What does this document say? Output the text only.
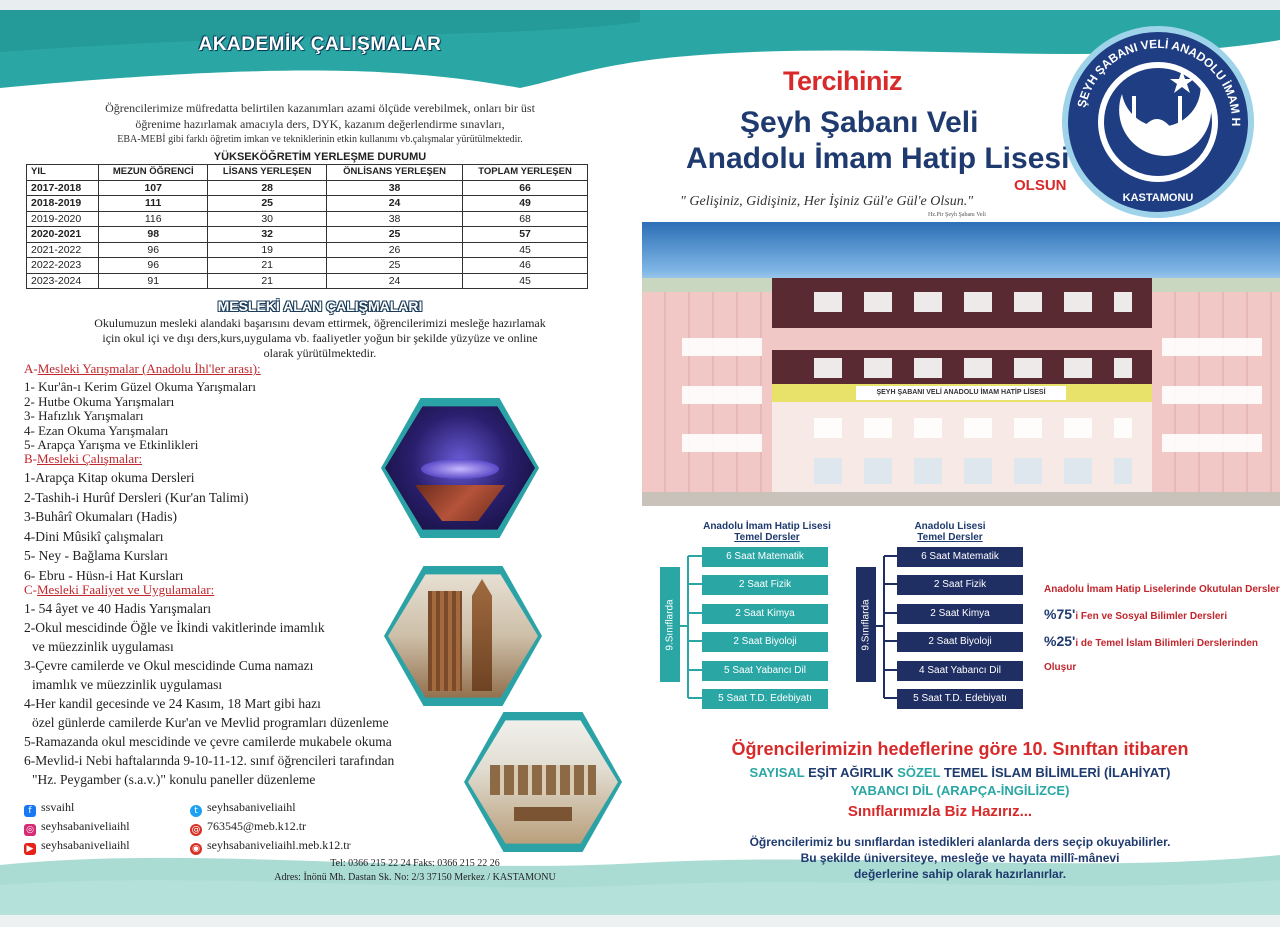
AKADEMİK ÇALIŞMALAR
Öğrencilerimize müfredatta belirtilen kazanımları azami ölçüde verebilmek, onları bir üst
öğrenime hazırlamak amacıyla ders, DYK, kazanım değerlendirme sınavları,
EBA-MEBİ gibi farklı öğretim imkan ve tekniklerinin etkin kullanımı vb.çalışmalar yürütülmektedir.
YÜKSEKÖĞRETİM YERLEŞME DURUMU
YIL	MEZUN ÖĞRENCİ	LİSANS YERLEŞEN	ÖNLİSANS YERLEŞEN	TOPLAM YERLEŞEN
2017-2018	107	28	38	66
2018-2019	111	25	24	49
2019-2020	116	30	38	68
2020-2021	98	32	25	57
2021-2022	96	19	26	45
2022-2023	96	21	25	46
2023-2024	91	21	24	45
MESLEKİ ALAN ÇALIŞMALARI
Okulumuzun mesleki alandaki başarısını devam ettirmek, öğrencilerimizi mesleğe hazırlamak
için okul içi ve dışı ders,kurs,uygulama vb. faaliyetler yoğun bir şekilde yüzyüze ve online
olarak yürütülmektedir.
A-Mesleki Yarışmalar (Anadolu İhl'ler arası):
1- Kur'ân-ı Kerim Güzel Okuma Yarışmaları
2- Hutbe Okuma Yarışmaları
3- Hafızlık Yarışmaları
4- Ezan Okuma Yarışmaları
5- Arapça Yarışma ve Etkinlikleri
B-Mesleki Çalışmalar:
1-Arapça Kitap okuma Dersleri
2-Tashih-i Hurûf Dersleri (Kur'an Talimi)
3-Buhârî Okumaları (Hadis)
4-Dini Mûsikî çalışmaları
5- Ney - Bağlama Kursları
6- Ebru - Hüsn-i Hat Kursları
C-Mesleki Faaliyet ve Uygulamalar:
1- 54 âyet ve 40 Hadis Yarışmaları
2-Okul mescidinde Öğle ve İkindi vakitlerinde imamlık
ve müezzinlik uygulaması
3-Çevre camilerde ve Okul mescidinde Cuma namazı
imamlık ve müezzinlik uygulaması
4-Her kandil gecesinde ve 24 Kasım, 18 Mart gibi hazı
özel günlerde camilerde Kur'an ve Mevlid programları düzenleme
5-Ramazanda okul mescidinde ve çevre camilerde mukabele okuma
6-Mevlid-i Nebi haftalarında 9-10-11-12. sınıf öğrencileri tarafından
"Hz. Peygamber (s.a.v.)" konulu paneller düzenleme
f ssvaihl
◎ seyhsabaniveliaihl
▶ seyhsabaniveliaihl
t seyhsabaniveliaihl
@ 763545@meb.k12.tr
◉ seyhsabaniveliaihl.meb.k12.tr
Tel: 0366 215 22 24 Faks: 0366 215 22 26
Adres: İnönü Mh. Dastan Sk. No: 2/3 37150 Merkez / KASTAMONU
Tercihiniz
Şeyh Şabanı Veli
Anadolu İmam Hatip Lisesi
OLSUN
" Gelişiniz, Gidişiniz, Her İşiniz Gül'e Gül'e Olsun."
Hz.Pir Şeyh Şabanı Veli
ŞEYH ŞABANI VELİ ANADOLU İMAM H
2017
KASTAMONU
ŞEYH ŞABANI VELİ ANADOLU İMAM HATİP LİSESİ
Anadolu İmam Hatip Lisesi
Temel Dersler
9.Sınıflarda
6 Saat Matematik
2 Saat Fizik
2 Saat Kimya
2 Saat Biyoloji
5 Saat Yabancı Dil
5 Saat T.D. Edebiyatı
Anadolu Lisesi
Temel Dersler
9.Sınıflarda
6 Saat Matematik
2 Saat Fizik
2 Saat Kimya
2 Saat Biyoloji
4 Saat Yabancı Dil
5 Saat T.D. Edebiyatı
Anadolu İmam Hatip Liselerinde Okutulan Dersler
%75'i Fen ve Sosyal Bilimler Dersleri
%25'i de Temel İslam Bilimleri Derslerinden Oluşur
Öğrencilerimizin hedeflerine göre 10. Sınıftan itibaren
SAYISAL EŞİT AĞIRLIK SÖZEL TEMEL İSLAM BİLİMLERİ (İLAHİYAT)
YABANCI DİL (ARAPÇA-İNGİLİZCE)
Sınıflarımızla Biz Hazırız...
Öğrencilerimiz bu sınıflardan istedikleri alanlarda ders seçip okuyabilirler.
Bu şekilde üniversiteye, mesleğe ve hayata millî-mânevi
değerlerine sahip olarak hazırlanırlar.
